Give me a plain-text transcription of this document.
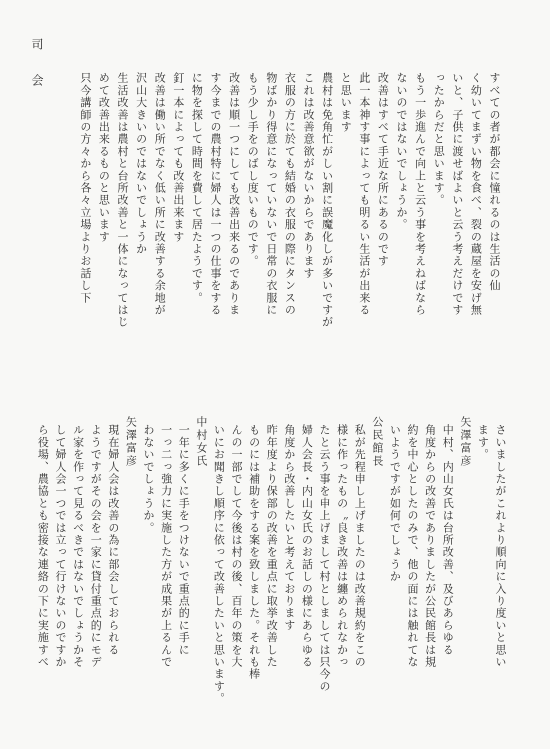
司
会	すべての者が都会に憧れるのは生活の仙
く幼いてまずい物を食べ、裂の蔵屋を安げ無
いと、子供に渡せばよいと云う考えだけです
ったからだと思います。
もう一歩進んで向上と云う事を考えねばなら
ないのではないでしょうか。
改善はすべて手近な所にあるのです
此一本神す事によっても明るい生活が出来る
と思います
農村は免角忙がしい割に誤魔化しが多いですが
これは改善意欲がないからであります
衣服の方に於ても結婚の衣服の際にタンスの
物ばかり得意になっていないで日常の衣服に
もう少し手をのばし度いものです。
改善は順一つにしても改善出来るのでありま
す今までの農村特に婦人は一つの仕事をする
に物を探して時間を費して居たようです。
釘一本によっても改善出来ます
改善は働い所でなく低い所に改善する余地が
沢山大きいのではないでしょうか
生活改善は農村と台所改善と一体になってはじ
めて改善出来るものと思います
只今講師の方々から各々立場よりお話し下
さいましたがこれより順向に入り度いと思い
ます。
矢澤富彦
中村、内山女氏は台所改善、及びあらゆる
角度からの改善でありましたが公民館長は規
約を中心としたのみで、他の面には触れてな
いようですが如何でしょうか
公民館長
私が先程申し上げましたのは改善規約をこの
様に作ったもの〝良き改善は纏められなかっ
たと云う事を申上げまして村としましては只今の
婦人会長・内山女氏のお話しの様にあらゆる
角度から改善したいと考えております
昨年度より保部の改善を重点に取挙改善した
ものには補助をする案を致しました。それも棒
んの一部でして今後は村の後、百年の策を大
いにお聞きし順序に依って改善したいと思います。
中村女氏
一年に多くに手をつけないで重点的に手に
一っ二っ強力に実施した方が成果が上るんで
わないでしょうか。
矢澤富彦
現在婦人会は改善の為に部会しておられる
ようですがその会を一家に貸付重点的にモデ
ル家を作って見るべきではないでしょうかそ
して婦人会一つでは立って行けないのですか
ら役場、農協とも密接な連絡の下に実施すべ
